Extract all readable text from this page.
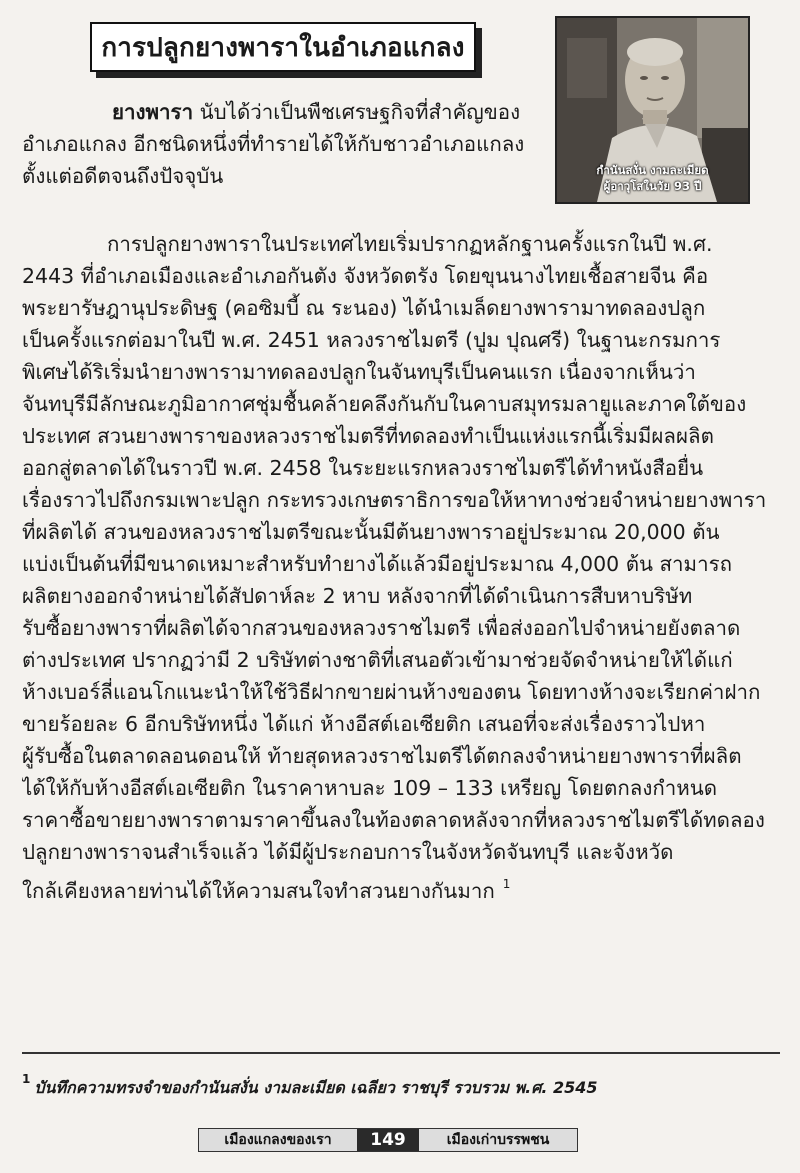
การปลูกยางพาราในอำเภอแกลง
กำนันสงั่น งามละเมียด
ผู้อาวุโสในวัย 93 ปี
ยางพารา นับได้ว่าเป็นพืชเศรษฐกิจที่สำคัญของ
อำเภอแกลง อีกชนิดหนึ่งที่ทำรายได้ให้กับชาวอำเภอแกลง
ตั้งแต่อดีตจนถึงปัจจุบัน
การปลูกยางพาราในประเทศไทยเริ่มปรากฏหลักฐานครั้งแรกในปี พ.ศ.
2443 ที่อำเภอเมืองและอำเภอกันตัง จังหวัดตรัง โดยขุนนางไทยเชื้อสายจีน คือ
พระยารัษฎานุประดิษฐ (คอซิมบี้ ณ ระนอง) ได้นำเมล็ดยางพารามาทดลองปลูก
เป็นครั้งแรกต่อมาในปี พ.ศ. 2451 หลวงราชไมตรี (ปูม ปุณศรี) ในฐานะกรมการ
พิเศษได้ริเริ่มนำยางพารามาทดลองปลูกในจันทบุรีเป็นคนแรก เนื่องจากเห็นว่า
จันทบุรีมีลักษณะภูมิอากาศชุ่มชื้นคล้ายคลึงกันกับในคาบสมุทรมลายูและภาคใต้ของ
ประเทศ สวนยางพาราของหลวงราชไมตรีที่ทดลองทำเป็นแห่งแรกนี้เริ่มมีผลผลิต
ออกสู่ตลาดได้ในราวปี พ.ศ. 2458 ในระยะแรกหลวงราชไมตรีได้ทำหนังสือยื่น
เรื่องราวไปถึงกรมเพาะปลูก กระทรวงเกษตราธิการขอให้หาทางช่วยจำหน่ายยางพารา
ที่ผลิตได้ สวนของหลวงราชไมตรีขณะนั้นมีต้นยางพาราอยู่ประมาณ 20,000 ต้น
แบ่งเป็นต้นที่มีขนาดเหมาะสำหรับทำยางได้แล้วมีอยู่ประมาณ 4,000 ต้น สามารถ
ผลิตยางออกจำหน่ายได้สัปดาห์ละ 2 หาบ หลังจากที่ได้ดำเนินการสืบหาบริษัท
รับซื้อยางพาราที่ผลิตได้จากสวนของหลวงราชไมตรี เพื่อส่งออกไปจำหน่ายยังตลาด
ต่างประเทศ ปรากฏว่ามี 2 บริษัทต่างชาติที่เสนอตัวเข้ามาช่วยจัดจำหน่ายให้ได้แก่
ห้างเบอร์ลี่แอนโกแนะนำให้ใช้วิธีฝากขายผ่านห้างของตน โดยทางห้างจะเรียกค่าฝาก
ขายร้อยละ 6 อีกบริษัทหนึ่ง ได้แก่ ห้างอีสต์เอเซียติก เสนอที่จะส่งเรื่องราวไปหา
ผู้รับซื้อในตลาดลอนดอนให้ ท้ายสุดหลวงราชไมตรีได้ตกลงจำหน่ายยางพาราที่ผลิต
ได้ให้กับห้างอีสต์เอเซียติก ในราคาหาบละ 109 – 133 เหรียญ โดยตกลงกำหนด
ราคาซื้อขายยางพาราตามราคาขึ้นลงในท้องตลาดหลังจากที่หลวงราชไมตรีได้ทดลอง
ปลูกยางพาราจนสำเร็จแล้ว ได้มีผู้ประกอบการในจังหวัดจันทบุรี และจังหวัด
ใกล้เคียงหลายท่านได้ให้ความสนใจทำสวนยางกันมาก $^1$
$^1$ บันทึกความทรงจำของกำนันสงั่น งามละเมียด เฉลียว ราชบุรี รวบรวม พ.ศ. 2545
เมืองแกลงของเรา	149	เมืองเก่าบรรพชน
